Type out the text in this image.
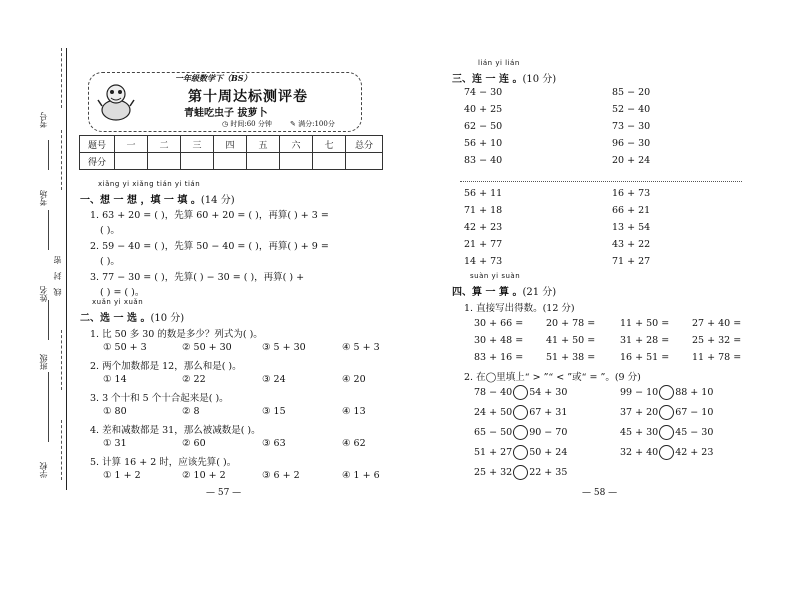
考号
考场
姓名
密
封
线
班级
学校
一年级数学下（BS）
第十周达标测评卷
青蛙吃虫子 拔萝卜
◷ 时间:60 分钟	✎ 满分:100分
题号	一	二	三	四	五	六	七	总分
得分								
xiǎng yi xiǎng tián yi tián
一、想 一 想 ，填 一 填 。(14 分)
1. 63 + 20 = ( )，先算 60 + 20 = ( )，再算( ) + 3 =
( )。
2. 59 − 40 = ( )，先算 50 − 40 = ( )，再算( ) + 9 =
( )。
3. 77 − 30 = ( )，先算( ) − 30 = ( )，再算( ) +
( ) = ( )。
xuǎn yi xuǎn
二、选 一 选 。(10 分)
1. 比 50 多 30 的数是多少？列式为( )。
① 50 + 3	② 50 + 30	③ 5 + 30	④ 5 + 3
2. 两个加数都是 12，那么和是( )。
① 14	② 22	③ 24	④ 20
3. 3 个十和 5 个十合起来是( )。
① 80	② 8	③ 15	④ 13
4. 差和减数都是 31，那么被减数是( )。
① 31	② 60	③ 63	④ 62
5. 计算 16 + 2 时，应该先算( )。
① 1 + 2	② 10 + 2	③ 6 + 2	④ 1 + 6
— 57 —
lián yi lián
三、连 一 连 。(10 分)
74 − 30
40 + 25
62 − 50
56 + 10
83 − 40
85 − 20
52 − 40
73 − 30
96 − 30
20 + 24
56 + 11
71 + 18
42 + 23
21 + 77
14 + 73
16 + 73
66 + 21
13 + 54
43 + 22
71 + 27
suàn yi suàn
四、算 一 算 。(21 分)
1. 直接写出得数。(12 分)
30 + 66 = 20 + 78 =	11 + 50 = 27 + 40 =
30 + 48 = 41 + 50 =	31 + 28 = 25 + 32 =
83 + 16 = 51 + 38 =	16 + 51 = 11 + 78 =
2. 在◯里填上“ > ”“ < ”或“ = ”。(9 分)
78 − 40 54 + 30	99 − 10 88 + 10
24 + 50 67 + 31	37 + 20 67 − 10
65 − 50 90 − 70	45 + 30 45 − 30
51 + 27 50 + 24	32 + 40 42 + 23
25 + 32 22 + 35
— 58 —
